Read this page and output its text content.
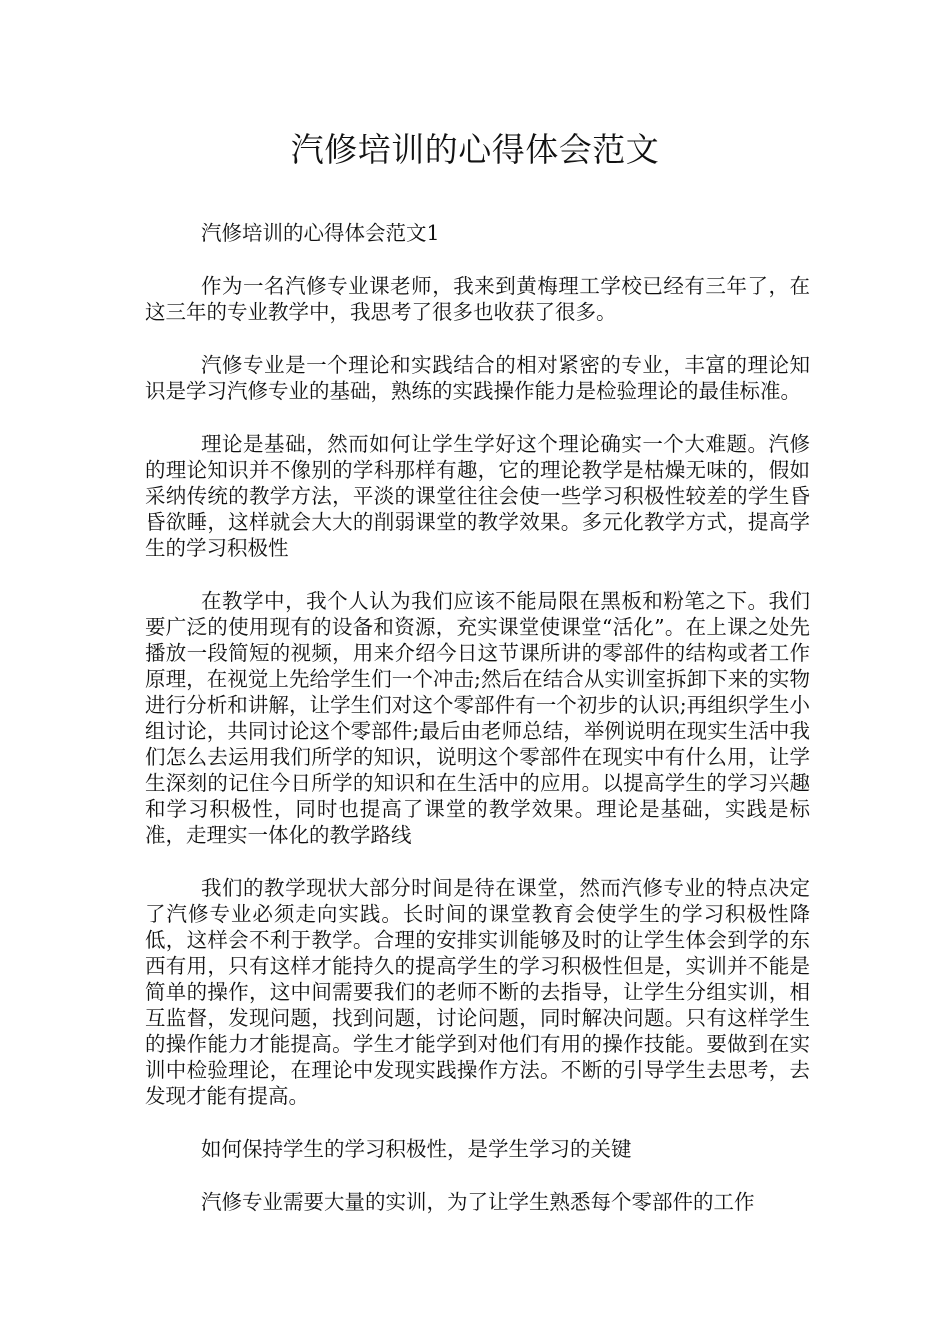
汽修培训的心得体会范文

汽修培训的心得体会范文1

作为一名汽修专业课老师，我来到黄梅理工学校已经有三年了，在这三年的专业教学中，我思考了很多也收获了很多。

汽修专业是一个理论和实践结合的相对紧密的专业，丰富的理论知识是学习汽修专业的基础，熟练的实践操作能力是检验理论的最佳标准。

理论是基础，然而如何让学生学好这个理论确实一个大难题。汽修的理论知识并不像别的学科那样有趣，它的理论教学是枯燥无味的，假如采纳传统的教学方法，平淡的课堂往往会使一些学习积极性较差的学生昏昏欲睡，这样就会大大的削弱课堂的教学效果。多元化教学方式，提高学生的学习积极性

在教学中，我个人认为我们应该不能局限在黑板和粉笔之下。我们要广泛的使用现有的设备和资源，充实课堂使课堂“活化”。在上课之处先播放一段简短的视频，用来介绍今日这节课所讲的零部件的结构或者工作原理，在视觉上先给学生们一个冲击;然后在结合从实训室拆卸下来的实物进行分析和讲解，让学生们对这个零部件有一个初步的认识;再组织学生小组讨论，共同讨论这个零部件;最后由老师总结，举例说明在现实生活中我们怎么去运用我们所学的知识，说明这个零部件在现实中有什么用，让学生深刻的记住今日所学的知识和在生活中的应用。以提高学生的学习兴趣和学习积极性，同时也提高了课堂的教学效果。理论是基础，实践是标准，走理实一体化的教学路线

我们的教学现状大部分时间是待在课堂，然而汽修专业的特点决定了汽修专业必须走向实践。长时间的课堂教育会使学生的学习积极性降低，这样会不利于教学。合理的安排实训能够及时的让学生体会到学的东西有用，只有这样才能持久的提高学生的学习积极性但是，实训并不能是简单的操作，这中间需要我们的老师不断的去指导，让学生分组实训，相互监督，发现问题，找到问题，讨论问题，同时解决问题。只有这样学生的操作能力才能提高。学生才能学到对他们有用的操作技能。要做到在实训中检验理论，在理论中发现实践操作方法。不断的引导学生去思考，去发现才能有提高。

如何保持学生的学习积极性，是学生学习的关键

汽修专业需要大量的实训，为了让学生熟悉每个零部件的工作
